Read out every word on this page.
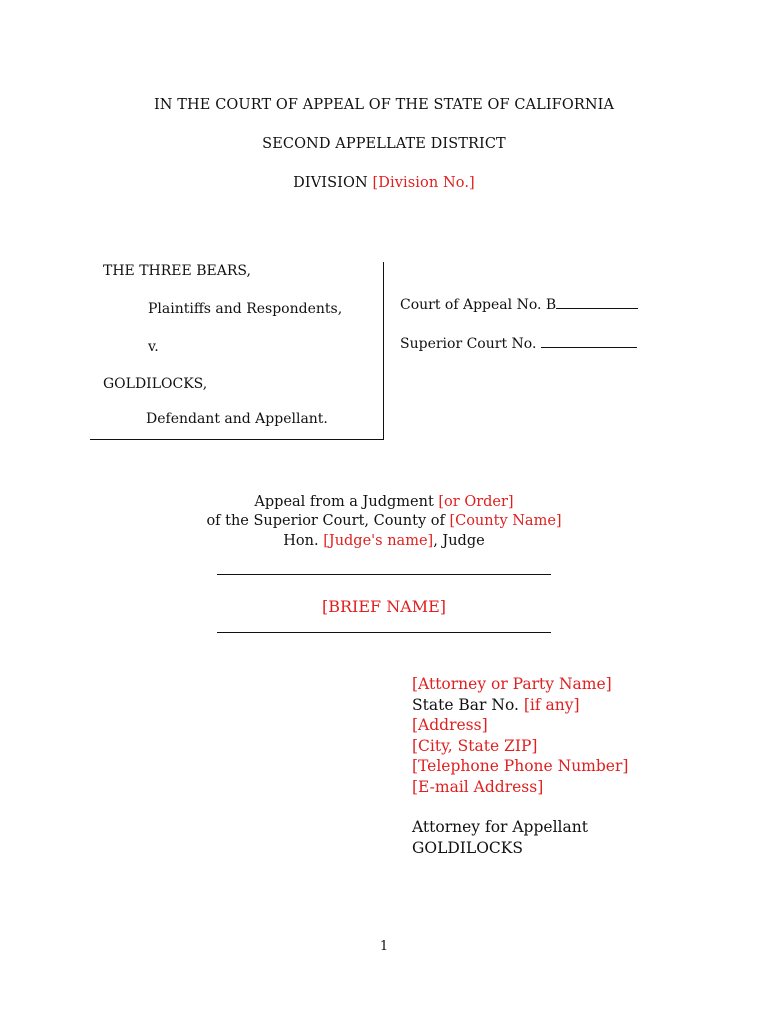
IN THE COURT OF APPEAL OF THE STATE OF CALIFORNIA
SECOND APPELLATE DISTRICT
DIVISION [Division No.]
THE THREE BEARS,
Plaintiffs and Respondents,
v.
GOLDILOCKS,
Defendant and Appellant.
Court of Appeal No. B
Superior Court No.
Appeal from a Judgment [or Order]
of the Superior Court, County of [County Name]
Hon. [Judge's name], Judge
[BRIEF NAME]
[Attorney or Party Name]
State Bar No. [if any]
[Address]
[City, State ZIP]
[Telephone Phone Number]
[E-mail Address]
Attorney for Appellant
GOLDILOCKS
1
